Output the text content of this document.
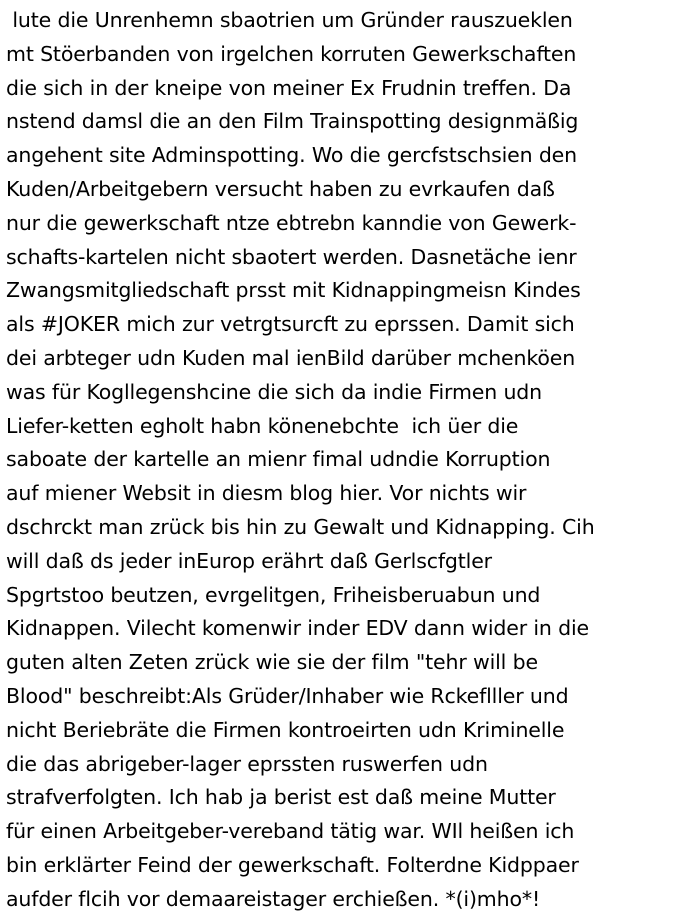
lute die Unrenhemn sbaotrien um Gründer rauszueklen
mt Stöerbanden von irgelchen korruten Gewerkschaften
die sich in der kneipe von meiner Ex Frudnin treffen. Da
nstend damsl die an den Film Trainspotting designmäßig
angehent site Adminspotting. Wo die gercfstschsien den
Kuden/Arbeitgebern versucht haben zu evrkaufen daß
nur die gewerkschaft ntze ebtrebn kanndie von Gewerk-
schafts-kartelen nicht sbaotert werden. Dasnetäche ienr
Zwangsmitgliedschaft prsst mit Kidnappingmeisn Kindes
als #JOKER mich zur vetrgtsurcft zu eprssen. Damit sich
dei arbteger udn Kuden mal ienBild darüber mchenköen
was für Kogllegenshcine die sich da indie Firmen udn
Liefer-ketten egholt habn könenebchte  ich üer die
saboate der kartelle an mienr fimal udndie Korruption
auf miener Websit in diesm blog hier. Vor nichts wir
dschrckt man zrück bis hin zu Gewalt und Kidnapping. Cih
will daß ds jeder inEurop erährt daß Gerlscfgtler
Spgrtstoo beutzen, evrgelitgen, Friheisberuabun und
Kidnappen. Vilecht komenwir inder EDV dann wider in die
guten alten Zeten zrück wie sie der film "tehr will be
Blood" beschreibt:Als Grüder/Inhaber wie Rckeflller und
nicht Beriebräte die Firmen kontroeirten udn Kriminelle
die das abrigeber-lager eprssten ruswerfen udn
strafverfolgten. Ich hab ja berist est daß meine Mutter
für einen Arbeitgeber-vereband tätig war. WIl heißen ich
bin erklärter Feind der gewerkschaft. Folterdne Kidppaer
aufder flcih vor demaareistager erchießen. *(i)mho*!
